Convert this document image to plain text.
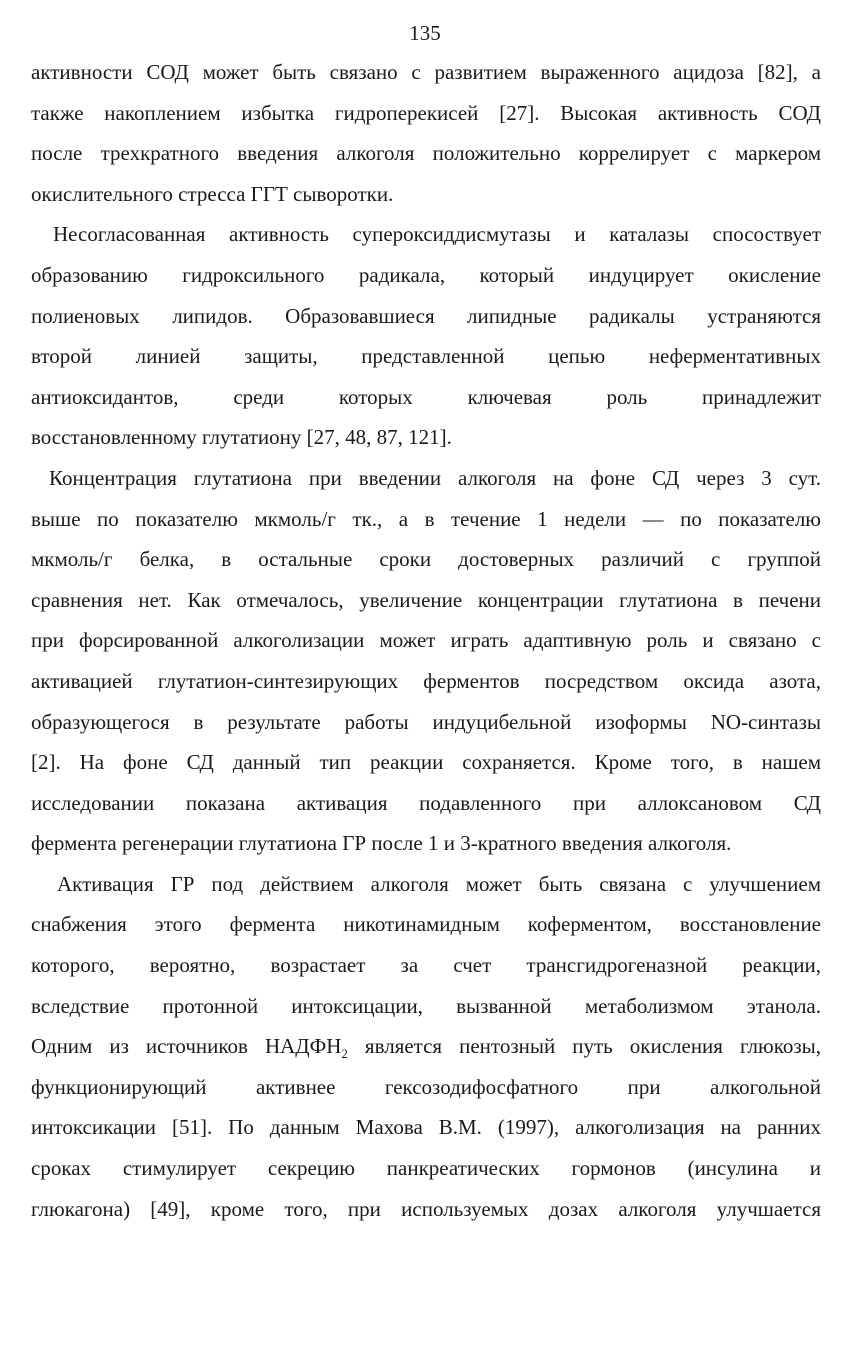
135
активности СОД может быть связано с развитием выраженного ацидоза [82], а
также накоплением избытка гидроперекисей [27]. Высокая активность СОД
после трехкратного введения алкоголя положительно коррелирует с маркером
окислительного стресса ГГТ сыворотки.
Несогласованная активность супероксиддисмутазы и каталазы спосоствует
образованию гидроксильного радикала, который индуцирует окисление
полиеновых липидов. Образовавшиеся липидные радикалы устраняются
второй линией защиты, представленной цепью неферментативных
антиоксидантов, среди которых ключевая роль принадлежит
восстановленному глутатиону [27, 48, 87, 121].
Концентрация глутатиона при введении алкоголя на фоне СД через 3 сут.
выше по показателю мкмоль/г тк., а в течение 1 недели — по показателю
мкмоль/г белка, в остальные сроки достоверных различий с группой
сравнения нет. Как отмечалось, увеличение концентрации глутатиона в печени
при форсированной алкоголизации может играть адаптивную роль и связано с
активацией глутатион-синтезирующих ферментов посредством оксида азота,
образующегося в результате работы индуцибельной изоформы NO-синтазы
[2]. На фоне СД данный тип реакции сохраняется. Кроме того, в нашем
исследовании показана активация подавленного при аллоксановом СД
фермента регенерации глутатиона ГР после 1 и 3-кратного введения алкоголя.
Активация ГР под действием алкоголя может быть связана с улучшением
снабжения этого фермента никотинамидным коферментом, восстановление
которого, вероятно, возрастает за счет трансгидрогеназной реакции,
вследствие протонной интоксицации, вызванной метаболизмом этанола.
Одним из источников $НАДФН_2$ является пентозный путь окисления глюкозы,
функционирующий активнее гексозодифосфатного при алкогольной
интоксикации [51]. По данным Махова В.М. (1997), алкоголизация на ранних
сроках стимулирует секрецию панкреатических гормонов (инсулина и
глюкагона) [49], кроме того, при используемых дозах алкоголя улучшается
